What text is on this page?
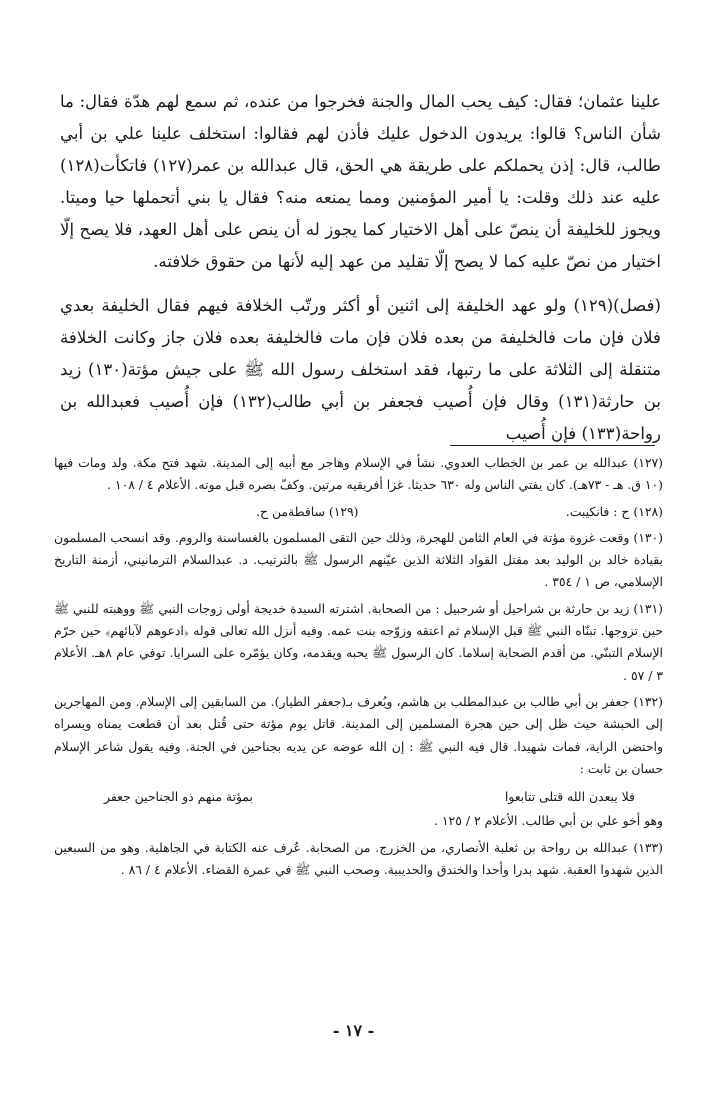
علينا عثمان؛ فقال: كيف يحب المال والجنة فخرجوا من عنده، ثم سمع لهم هدّة فقال: ما شأن الناس؟ قالوا: يريدون الدخول عليك فأذن لهم فقالوا: استخلف علينا علي بن أبي طالب، قال: إذن يحملكم على طريقة هي الحق، قال عبدالله بن عمر(١٢٧) فاتكأت(١٢٨) عليه عند ذلك وقلت: يا أمير المؤمنين ومما يمنعه منه؟ فقال يا بني أتحملها حيا وميتا. ويجوز للخليفة أن ينصّ على أهل الاختيار كما يجوز له أن ينص على أهل العهد، فلا يصح إلّا اختيار من نصّ عليه كما لا يصح إلّا تقليد من عهد إليه لأنها من حقوق خلافته.

(فصل)(١٢٩) ولو عهد الخليفة إلى اثنين أو أكثر ورتّب الخلافة فيهم فقال الخليفة بعدي فلان فإن مات فالخليفة من بعده فلان فإن مات فالخليفة بعده فلان جاز وكانت الخلافة متنقلة إلى الثلاثة على ما رتبها، فقد استخلف رسول الله ﷺ على جيش مؤتة(١٣٠) زيد بن حارثة(١٣١) وقال فإن أُصيب فجعفر بن أبي طالب(١٣٢) فإن أُصيب فعبدالله بن رواحة(١٣٣) فإن أُصيب

(١٢٧) عبدالله بن عمر بن الخطاب العدوي. نشأ في الإسلام وهاجر مع أبيه إلى المدينة. شهد فتح مكة. ولد ومات فيها (١٠ ق. هـ - ٧٣هـ). كان يفتي الناس وله ٦٣٠ حديثا. غزا أفريقيه مرتين. وكفّ بصره قبل موته. الأعلام ٤ / ١٠٨ .

(١٢٨) ح : فانكيبت.

(١٢٩) ساقطةمن ح.

(١٣٠) وقعت غزوة مؤتة في العام الثامن للهجرة، وذلك حين التقى المسلمون بالغساسنة والروم. وقد انسحب المسلمون بقيادة خالد بن الوليد بعد مقتل القواد الثلاثة الذين عيّنهم الرسول ﷺ بالترتيب. د. عبدالسلام الترمانيني، أزمنة التاريخ الإسلامي، ص ١ / ٣٥٤ .

(١٣١) زيد بن حارثة بن شراحيل أو شرحبيل : من الصحابة. اشترته السيدة خديجة أولى زوجات النبي ﷺ ووهبته للنبي ﷺ حين تزوجها. تبنّاه النبي ﷺ قبل الإسلام ثم اعتقه وزوّجه بنت عمه. وفيه أنزل الله تعالى قوله ﴿ادعوهم لآبائهم﴾ حين حرّم الإسلام التبنّي. من أقدم الصحابة إسلاما. كان الرسول ﷺ يحبه ويقدمه، وكان يؤمّره على السرايا. توفي عام ٨هـ. الأعلام ٣ / ٥٧ .

(١٣٢) جعفر بن أبي طالب بن عبدالمطلب بن هاشم، ويُعرف بـ(جعفر الطيار). من السابقين إلى الإسلام. ومن المهاجرين إلى الحبشة حيث ظل إلى حين هجرة المسلمين إلى المدينة. قاتل يوم مؤتة حتى قُتل بعد أن قطعت يمناه ويسراه واحتضن الراية، فمات شهيدا. قال فيه النبي ﷺ : إن الله عوضه عن يديه بجناحين في الجنة. وفيه يقول شاعر الإسلام حسان بن ثابت :

فلا يبعدن الله قتلى تتابعوا
بمؤتة منهم ذو الجناحين جعفر

وهو أخو علي بن أبي طالب. الأعلام ٢ / ١٢٥ .

(١٣٣) عبدالله بن رواحة بن ثعلبة الأنصاري، من الخزرج. من الصحابة. عُرف عنه الكتابة في الجاهلية. وهو من السبعين الذين شهدوا العقبة. شهد بدرا وأحدا والخندق والحديبية. وصحب النبي ﷺ في عمرة القضاء. الأعلام ٤ / ٨٦ .

- ١٧ -
